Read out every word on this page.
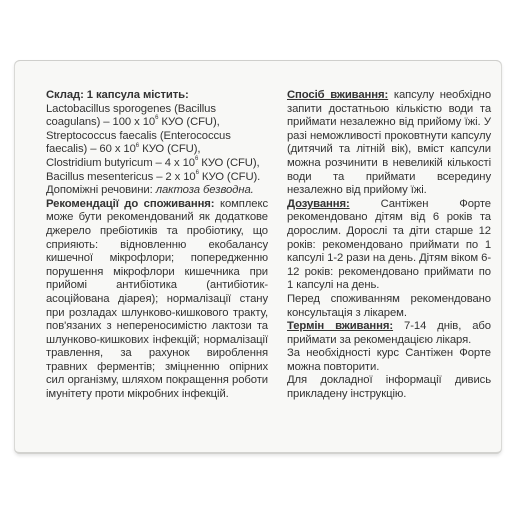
Склад: 1 капсула містить:
Lactobacillus sporogenes (Bacillus coagulans) – 100 x $10^6$ КУО (CFU),
Streptococcus faecalis (Enterococcus faecalis) – 60 x $10^6$ КУО (CFU),
Clostridium butyricum – 4 x $10^6$ КУО (CFU),
Bacillus mesentericus – 2 x $10^6$ КУО (CFU).
Допоміжні речовини: лактоза безводна.

Рекомендації до споживання: комплекс може бути рекомендований як додаткове джерело пребіотиків та пробіотику, що сприяють: відновленню екобалансу кишечної мікрофлори; попередженню порушення мікрофлори кишечника при прийомі антибіотика (антибіотик-асоційована діарея); нормалізації стану при розладах шлунково-кишкового тракту, пов'язаних з непереносимістю лактози та шлунково-кишкових інфекцій; нормалізації травлення, за рахунок вироблення травних ферментів; зміцненню опірних сил організму, шляхом покращення роботи імунітету проти мікробних інфекцій.

Спосіб вживання: капсулу необхідно запити достатньою кількістю води та приймати незалежно від прийому їжі. У разі неможливості проковтнути капсулу (дитячий та літній вік), вміст капсули можна розчинити в невеликій кількості води та приймати всередину незалежно від прийому їжі.

Дозування:	Сантіжен Форте рекомендовано дітям від 6 років та дорослим. Дорослі та діти старше 12 років: рекомендовано приймати по 1 капсулі 1-2 рази на день. Дітям віком 6-12 років: рекомендовано приймати по 1 капсулі на день.
Перед споживанням рекомендовано консультація з лікарем.

Термін вживання: 7-14 днів, або приймати за рекомендацією лікаря.
За необхідності курс Сантіжен Форте можна повторити.
Для докладної інформації дивись прикладену інструкцію.
